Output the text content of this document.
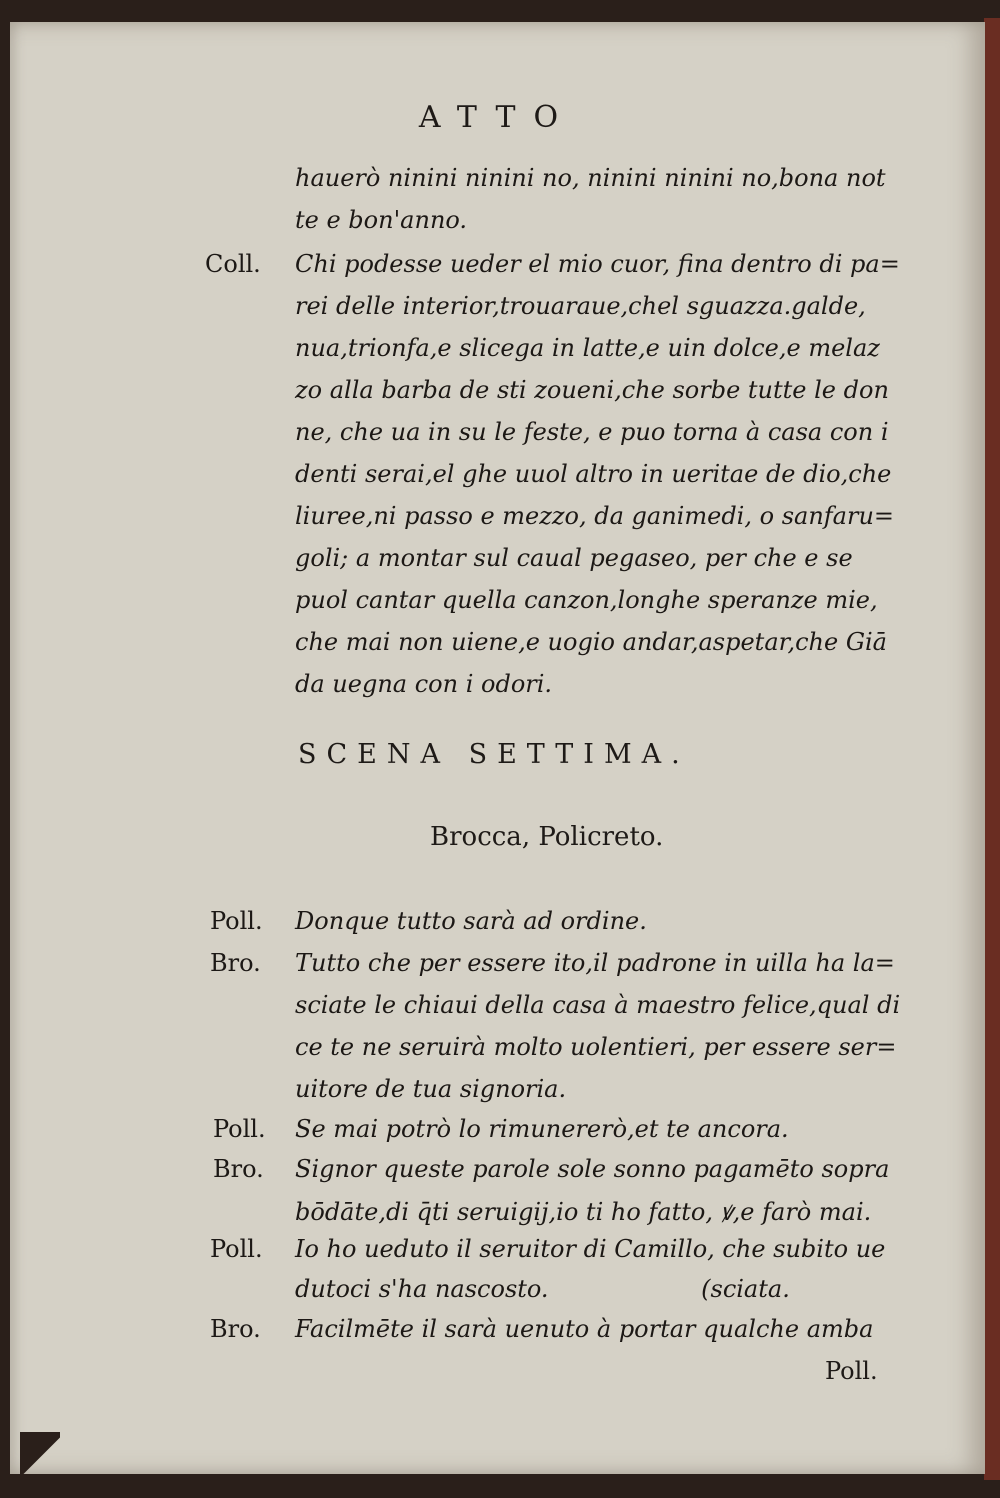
ATTO
hauerò ninini ninini no, ninini ninini no,bona not
te e bon'anno.
Coll. Chi podesse ueder el mio cuor, fina dentro di pa=
rei delle interior,trouaraue,chel sguazza.galde,
nua,trionfa,e slicega in latte,e uin dolce,e melaz
zo alla barba de sti zoueni,che sorbe tutte le don
ne, che ua in su le feste, e puo torna à casa con i
denti serai,el ghe uuol altro in ueritae de dio,che
liuree,ni passo e mezzo, da ganimedi, o sanfaru=
goli; a montar sul caual pegaseo, per che e se
puol cantar quella canzon,longhe speranze mie,
che mai non uiene,e uogio andar,aspetar,che Giā
da uegna con i odori.
SCENA SETTIMA.
Brocca, Policreto.
Poll. Donque tutto sarà ad ordine.
Bro. Tutto che per essere ito,il padrone in uilla ha la=
sciate le chiaui della casa à maestro felice,qual di
ce te ne seruirà molto uolentieri, per essere ser=
uitore de tua signoria.
Poll. Se mai potrò lo rimunererò,et te ancora.
Bro. Signor queste parole sole sonno pagamēto sopra
bōdāte,di q̄ti seruigij,io ti ho fatto, ꝟ,e farò mai.
Poll. Io ho ueduto il seruitor di Camillo, che subito ue
dutoci s'ha nascosto.                    (sciata.
Bro. Facilmēte il sarà uenuto à portar qualche amba
Poll.
